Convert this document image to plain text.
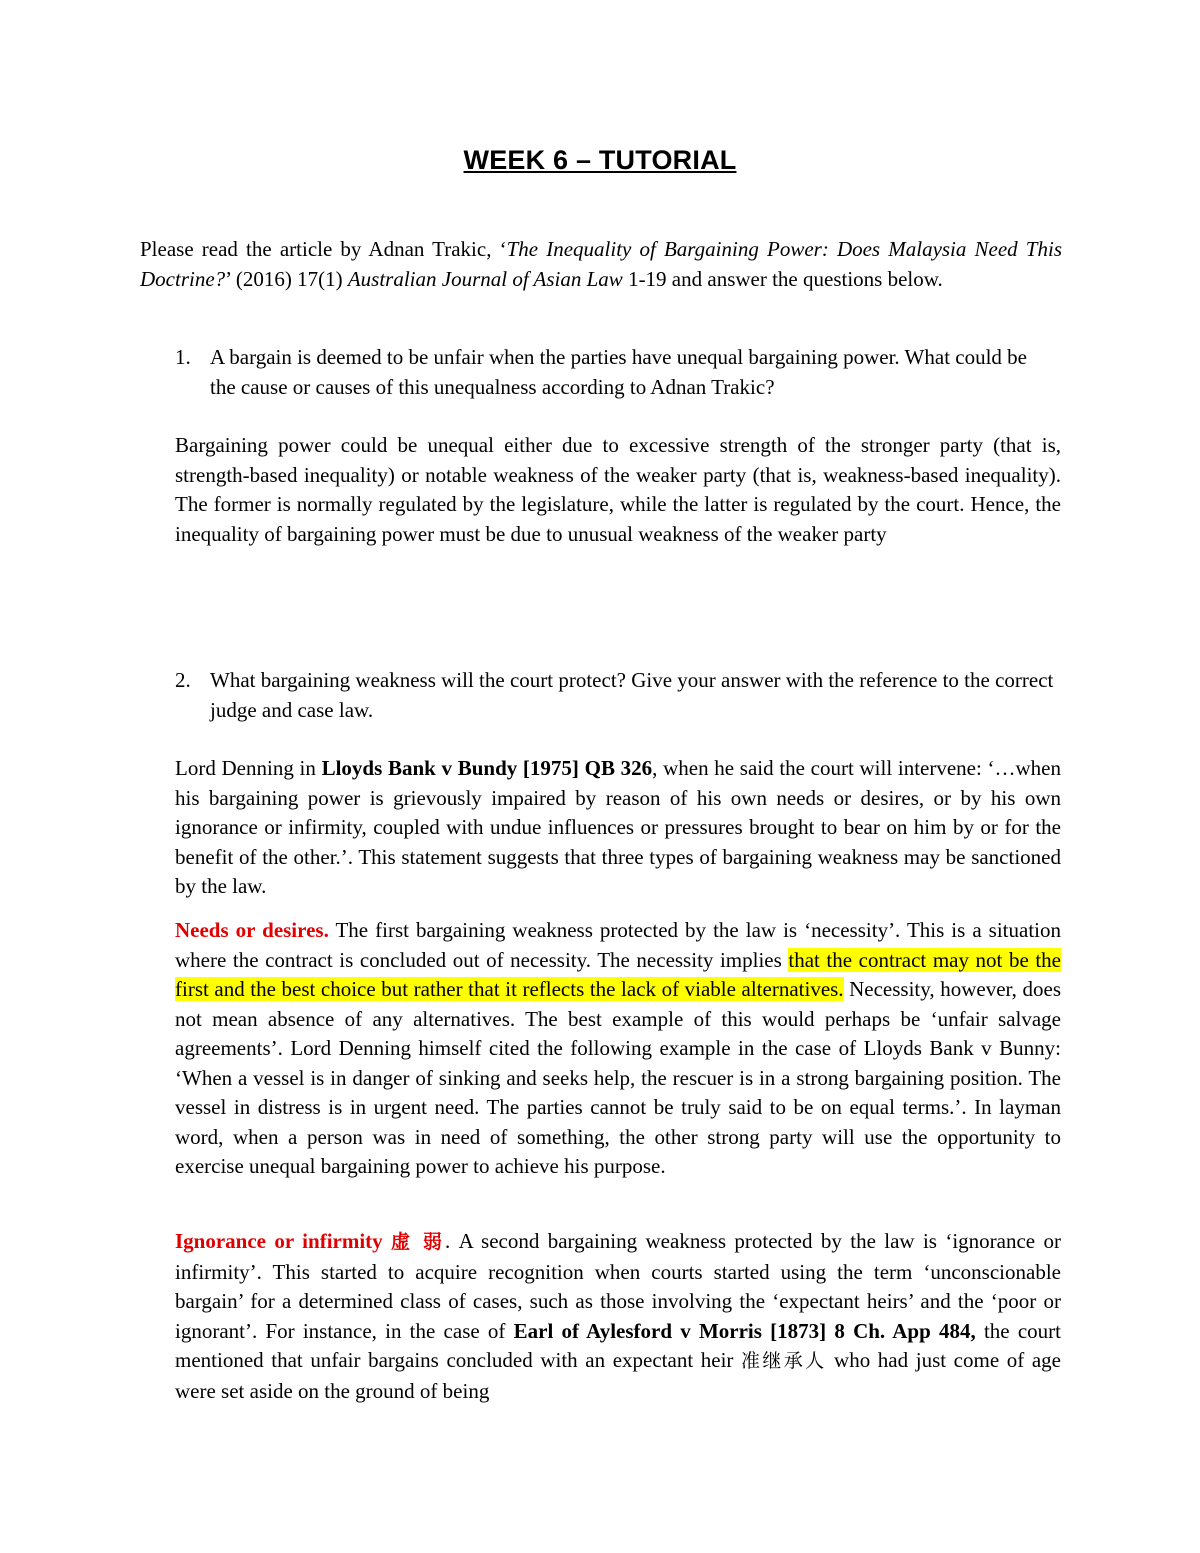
WEEK 6 – TUTORIAL
Please read the article by Adnan Trakic, ‘The Inequality of Bargaining Power: Does Malaysia Need This Doctrine?’ (2016) 17(1) Australian Journal of Asian Law 1-19 and answer the questions below.
1. A bargain is deemed to be unfair when the parties have unequal bargaining power. What could be the cause or causes of this unequalness according to Adnan Trakic?
Bargaining power could be unequal either due to excessive strength of the stronger party (that is, strength-based inequality) or notable weakness of the weaker party (that is, weakness-based inequality). The former is normally regulated by the legislature, while the latter is regulated by the court. Hence, the inequality of bargaining power must be due to unusual weakness of the weaker party
2. What bargaining weakness will the court protect? Give your answer with the reference to the correct judge and case law.
Lord Denning in Lloyds Bank v Bundy [1975] QB 326, when he said the court will intervene: ‘…when his bargaining power is grievously impaired by reason of his own needs or desires, or by his own ignorance or infirmity, coupled with undue influences or pressures brought to bear on him by or for the benefit of the other.’. This statement suggests that three types of bargaining weakness may be sanctioned by the law.
Needs or desires. The first bargaining weakness protected by the law is ‘necessity’. This is a situation where the contract is concluded out of necessity. The necessity implies that the contract may not be the first and the best choice but rather that it reflects the lack of viable alternatives. Necessity, however, does not mean absence of any alternatives. The best example of this would perhaps be ‘unfair salvage agreements’. Lord Denning himself cited the following example in the case of Lloyds Bank v Bunny: ‘When a vessel is in danger of sinking and seeks help, the rescuer is in a strong bargaining position. The vessel in distress is in urgent need. The parties cannot be truly said to be on equal terms.’. In layman word, when a person was in need of something, the other strong party will use the opportunity to exercise unequal bargaining power to achieve his purpose.
Ignorance or infirmity 虚 弱. A second bargaining weakness protected by the law is ‘ignorance or infirmity’. This started to acquire recognition when courts started using the term ‘unconscionable bargain’ for a determined class of cases, such as those involving the ‘expectant heirs’ and the ‘poor or ignorant’. For instance, in the case of Earl of Aylesford v Morris [1873] 8 Ch. App 484, the court mentioned that unfair bargains concluded with an expectant heir 准继承人 who had just come of age were set aside on the ground of being
